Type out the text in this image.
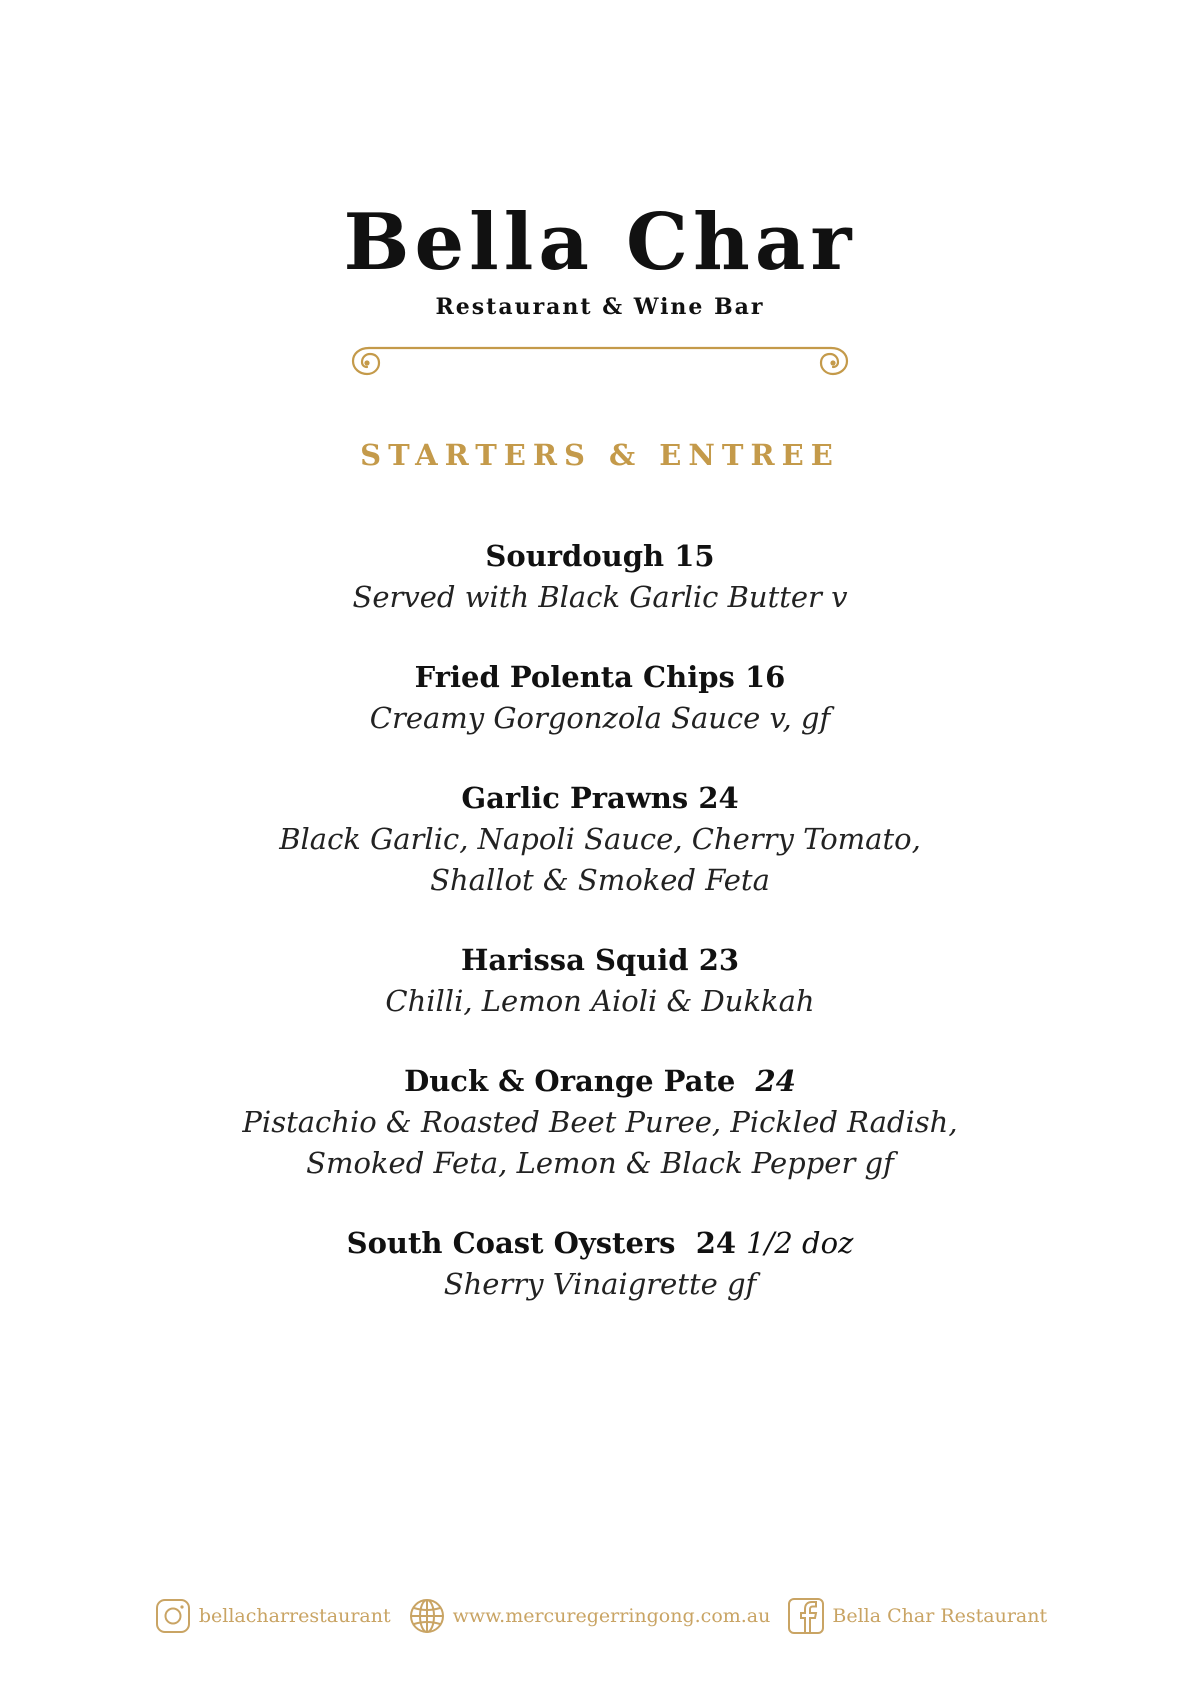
Bella Char
Restaurant & Wine Bar
STARTERS & ENTREE
Sourdough 15
Served with Black Garlic Butter v
Fried Polenta Chips 16
Creamy Gorgonzola Sauce v, gf
Garlic Prawns 24
Black Garlic, Napoli Sauce, Cherry Tomato,
Shallot & Smoked Feta
Harissa Squid 23
Chilli, Lemon Aioli & Dukkah
Duck & Orange Pate 24
Pistachio & Roasted Beet Puree, Pickled Radish,
Smoked Feta, Lemon & Black Pepper gf
South Coast Oysters 24 1/2 doz
Sherry Vinaigrette gf
bellacharrestaurant	www.mercuregerringong.com.au	Bella Char Restaurant
